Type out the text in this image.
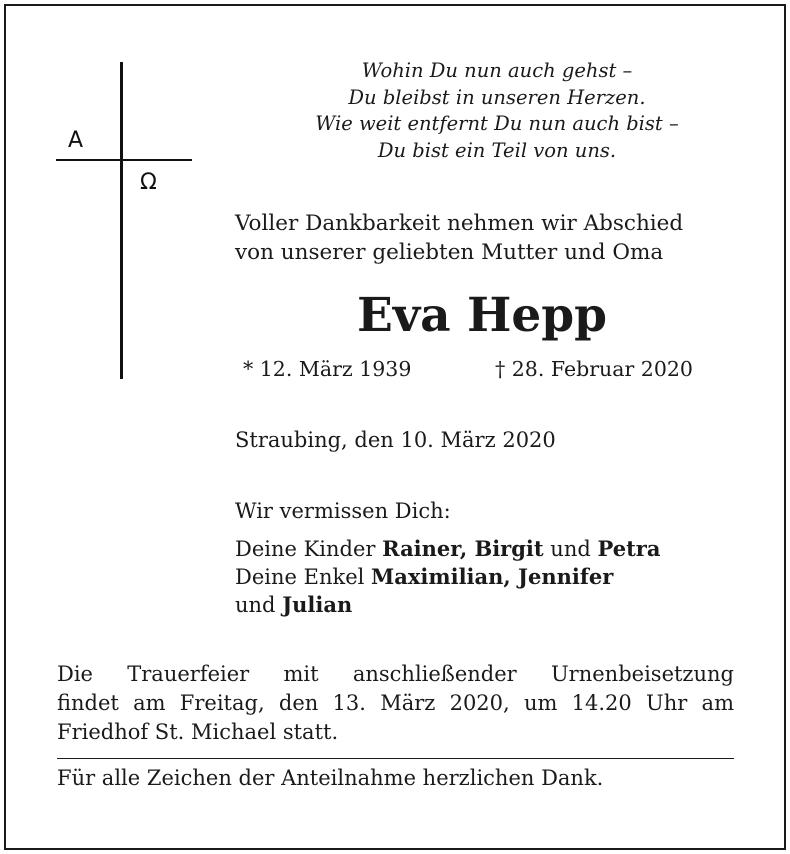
A
Ω
Wohin Du nun auch gehst –
Du bleibst in unseren Herzen.
Wie weit entfernt Du nun auch bist –
Du bist ein Teil von uns.
Voller Dankbarkeit nehmen wir Abschied
von unserer geliebten Mutter und Oma
Eva Hepp
* 12. März 1939	† 28. Februar 2020
Straubing, den 10. März 2020
Wir vermissen Dich:
Deine Kinder Rainer, Birgit und Petra
Deine Enkel Maximilian, Jennifer
und Julian
Die Trauerfeier mit anschließender Urnenbeisetzung
findet am Freitag, den 13. März 2020, um 14.20 Uhr am
Friedhof St. Michael statt.
Für alle Zeichen der Anteilnahme herzlichen Dank.
